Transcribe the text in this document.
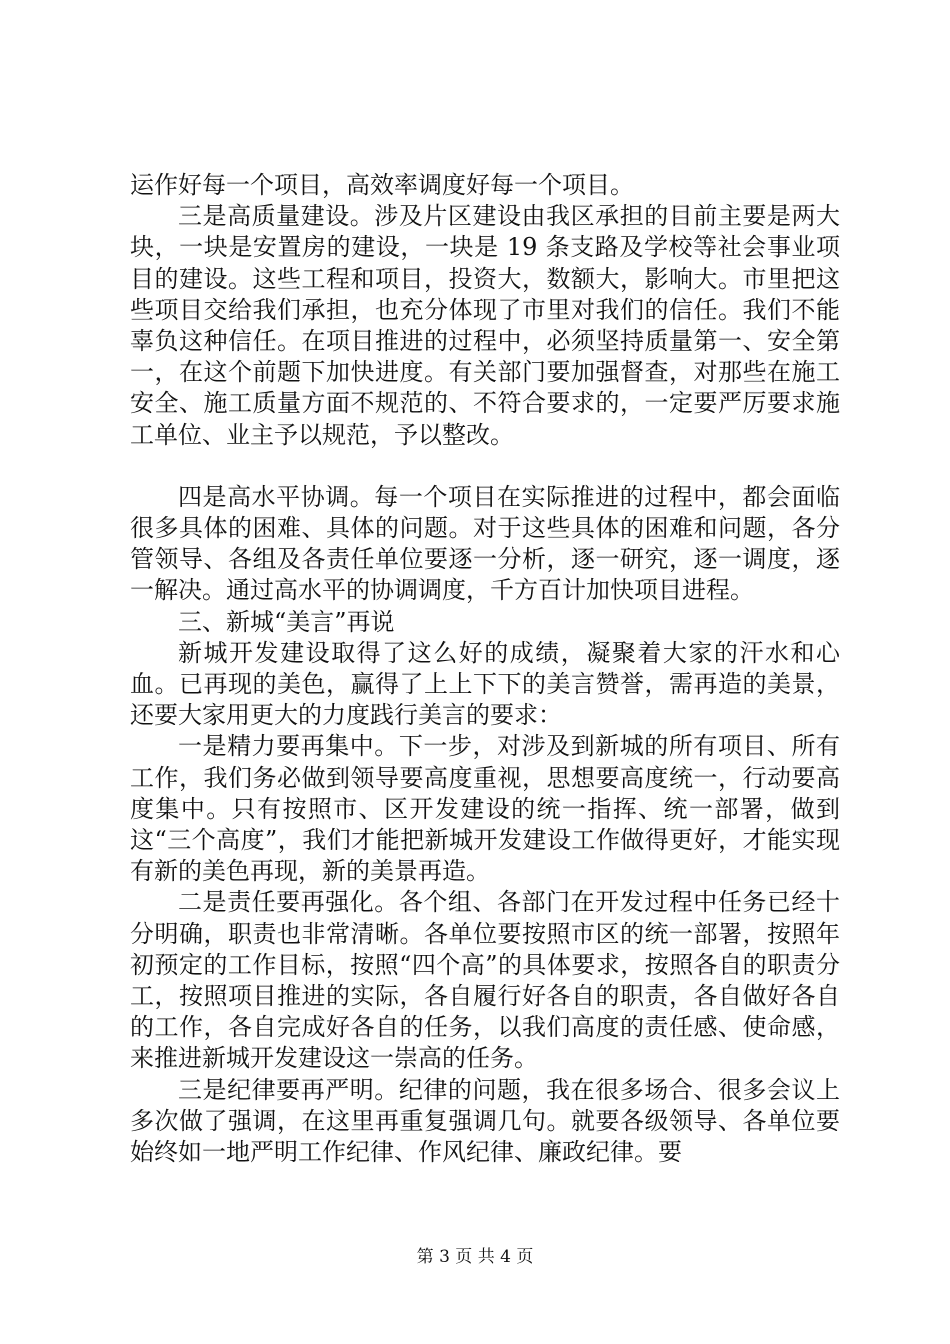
运作好每一个项目，高效率调度好每一个项目。

三是高质量建设。涉及片区建设由我区承担的目前主要是两大块，一块是安置房的建设，一块是 19 条支路及学校等社会事业项目的建设。这些工程和项目，投资大，数额大，影响大。市里把这些项目交给我们承担，也充分体现了市里对我们的信任。我们不能辜负这种信任。在项目推进的过程中，必须坚持质量第一、安全第一，在这个前题下加快进度。有关部门要加强督查，对那些在施工安全、施工质量方面不规范的、不符合要求的，一定要严厉要求施工单位、业主予以规范，予以整改。

四是高水平协调。每一个项目在实际推进的过程中，都会面临很多具体的困难、具体的问题。对于这些具体的困难和问题，各分管领导、各组及各责任单位要逐一分析，逐一研究，逐一调度，逐一解决。通过高水平的协调调度，千方百计加快项目进程。

三、新城“美言”再说

新城开发建设取得了这么好的成绩，凝聚着大家的汗水和心血。已再现的美色，赢得了上上下下的美言赞誉，需再造的美景，还要大家用更大的力度践行美言的要求：

一是精力要再集中。下一步，对涉及到新城的所有项目、所有工作，我们务必做到领导要高度重视，思想要高度统一，行动要高度集中。只有按照市、区开发建设的统一指挥、统一部署，做到这“三个高度”，我们才能把新城开发建设工作做得更好，才能实现有新的美色再现，新的美景再造。

二是责任要再强化。各个组、各部门在开发过程中任务已经十分明确，职责也非常清晰。各单位要按照市区的统一部署，按照年初预定的工作目标，按照“四个高”的具体要求，按照各自的职责分工，按照项目推进的实际，各自履行好各自的职责，各自做好各自的工作，各自完成好各自的任务，以我们高度的责任感、使命感，来推进新城开发建设这一崇高的任务。

三是纪律要再严明。纪律的问题，我在很多场合、很多会议上多次做了强调，在这里再重复强调几句。就要各级领导、各单位要始终如一地严明工作纪律、作风纪律、廉政纪律。要

第 3 页 共 4 页
